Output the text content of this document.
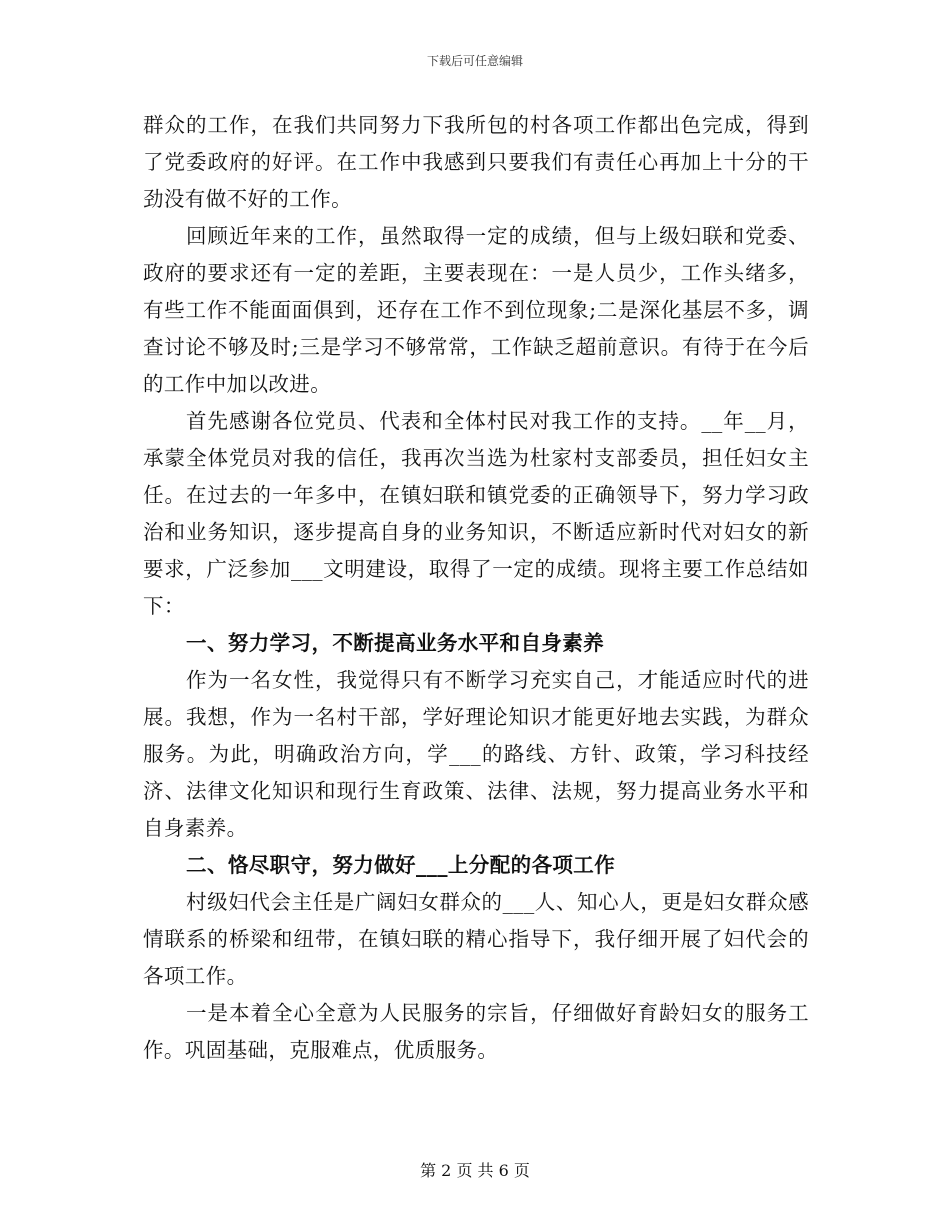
下载后可任意编辑

群众的工作，在我们共同努力下我所包的村各项工作都出色完成，得到了党委政府的好评。在工作中我感到只要我们有责任心再加上十分的干劲没有做不好的工作。

回顾近年来的工作，虽然取得一定的成绩，但与上级妇联和党委、政府的要求还有一定的差距，主要表现在：一是人员少，工作头绪多，有些工作不能面面俱到，还存在工作不到位现象;二是深化基层不多，调查讨论不够及时;三是学习不够常常，工作缺乏超前意识。有待于在今后的工作中加以改进。

首先感谢各位党员、代表和全体村民对我工作的支持。__年__月，承蒙全体党员对我的信任，我再次当选为杜家村支部委员，担任妇女主任。在过去的一年多中，在镇妇联和镇党委的正确领导下，努力学习政治和业务知识，逐步提高自身的业务知识，不断适应新时代对妇女的新要求，广泛参加___文明建设，取得了一定的成绩。现将主要工作总结如下：

一、努力学习，不断提高业务水平和自身素养

作为一名女性，我觉得只有不断学习充实自己，才能适应时代的进展。我想，作为一名村干部，学好理论知识才能更好地去实践，为群众服务。为此，明确政治方向，学___的路线、方针、政策，学习科技经济、法律文化知识和现行生育政策、法律、法规，努力提高业务水平和自身素养。

二、恪尽职守，努力做好___上分配的各项工作

村级妇代会主任是广阔妇女群众的___人、知心人，更是妇女群众感情联系的桥梁和纽带，在镇妇联的精心指导下，我仔细开展了妇代会的各项工作。

一是本着全心全意为人民服务的宗旨，仔细做好育龄妇女的服务工作。巩固基础，克服难点，优质服务。

第 2 页 共 6 页
